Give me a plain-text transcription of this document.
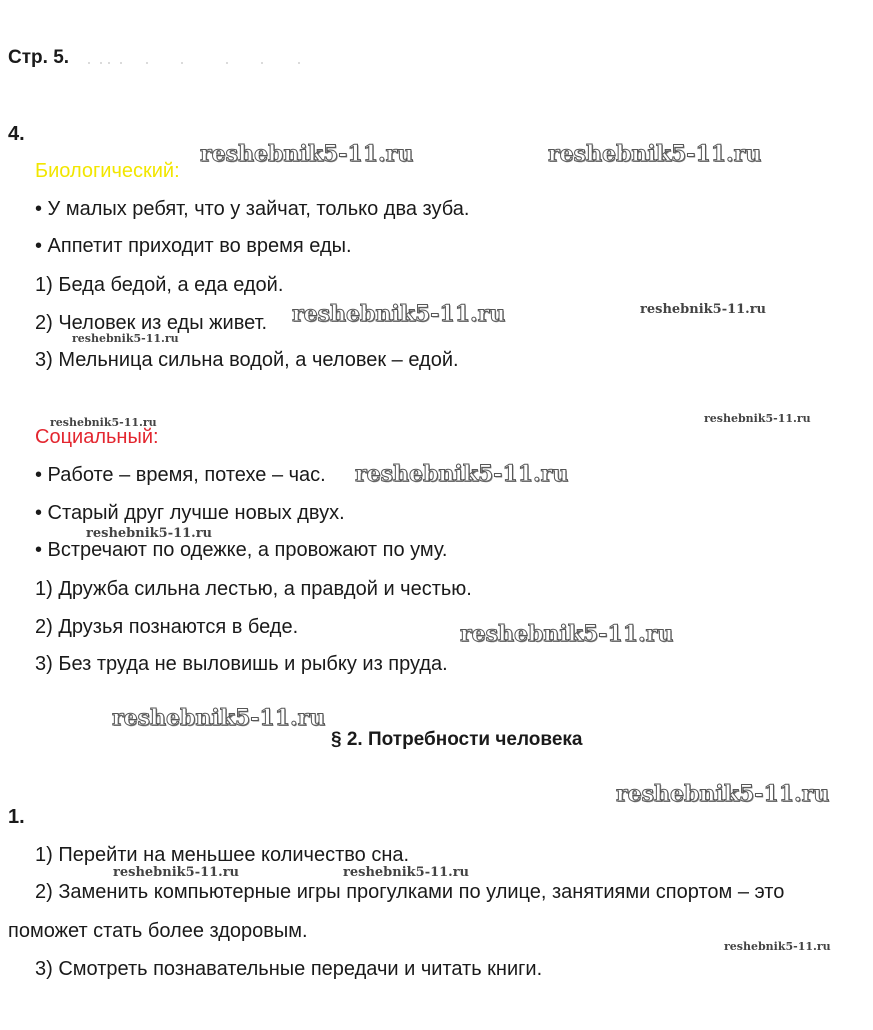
Стр. 5.
4.
Биологический:
• У малых ребят, что у зайчат, только два зуба.
• Аппетит приходит во время еды.
1) Беда бедой, а еда едой.
2) Человек из еды живет.
3) Мельница сильна водой, а человек – едой.
Социальный:
• Работе – время, потехе – час.
• Старый друг лучше новых двух.
• Встречают по одежке, а провожают по уму.
1) Дружба сильна лестью, а правдой и честью.
2) Друзья познаются в беде.
3) Без труда не выловишь и рыбку из пруда.
§ 2. Потребности человека
1.
1) Перейти на меньшее количество сна.
2) Заменить компьютерные игры прогулками по улице, занятиями спортом – это
поможет стать более здоровым.
3) Смотреть познавательные передачи и читать книги.
reshebnik5-11.ru	reshebnik5-11.ru
reshebnik5-11.ru	reshebnik5-11.ru
reshebnik5-11.ru
reshebnik5-11.ru	reshebnik5-11.ru
reshebnik5-11.ru
reshebnik5-11.ru
reshebnik5-11.ru
reshebnik5-11.ru
reshebnik5-11.ru
reshebnik5-11.ru	reshebnik5-11.ru
reshebnik5-11.ru
